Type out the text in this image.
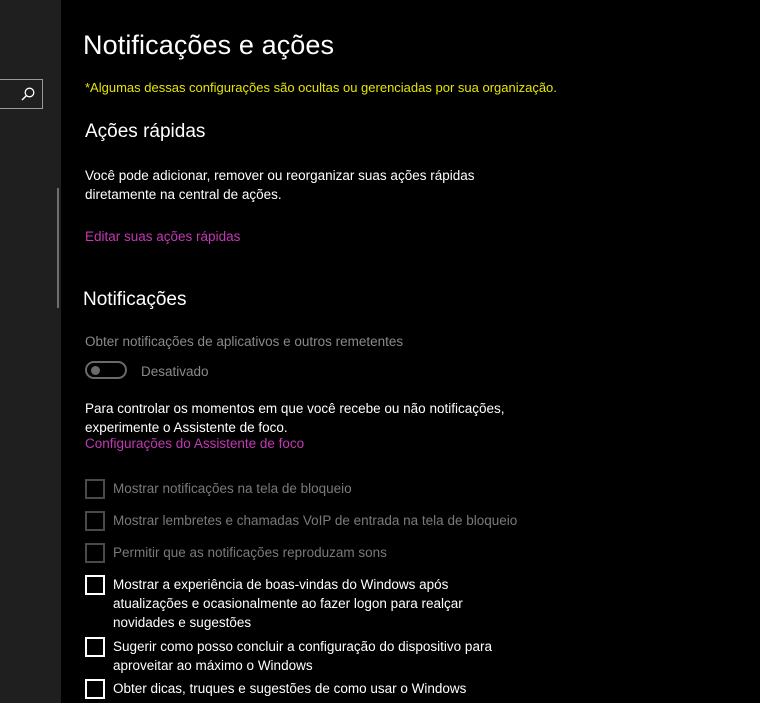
Notificações e ações
*Algumas dessas configurações são ocultas ou gerenciadas por sua organização.
Ações rápidas
Você pode adicionar, remover ou reorganizar suas ações rápidas diretamente na central de ações.
Editar suas ações rápidas
Notificações
Obter notificações de aplicativos e outros remetentes
Desativado
Para controlar os momentos em que você recebe ou não notificações, experimente o Assistente de foco.
Configurações do Assistente de foco
Mostrar notificações na tela de bloqueio
Mostrar lembretes e chamadas VoIP de entrada na tela de bloqueio
Permitir que as notificações reproduzam sons
Mostrar a experiência de boas-vindas do Windows após atualizações e ocasionalmente ao fazer logon para realçar novidades e sugestões
Sugerir como posso concluir a configuração do dispositivo para aproveitar ao máximo o Windows
Obter dicas, truques e sugestões de como usar o Windows
